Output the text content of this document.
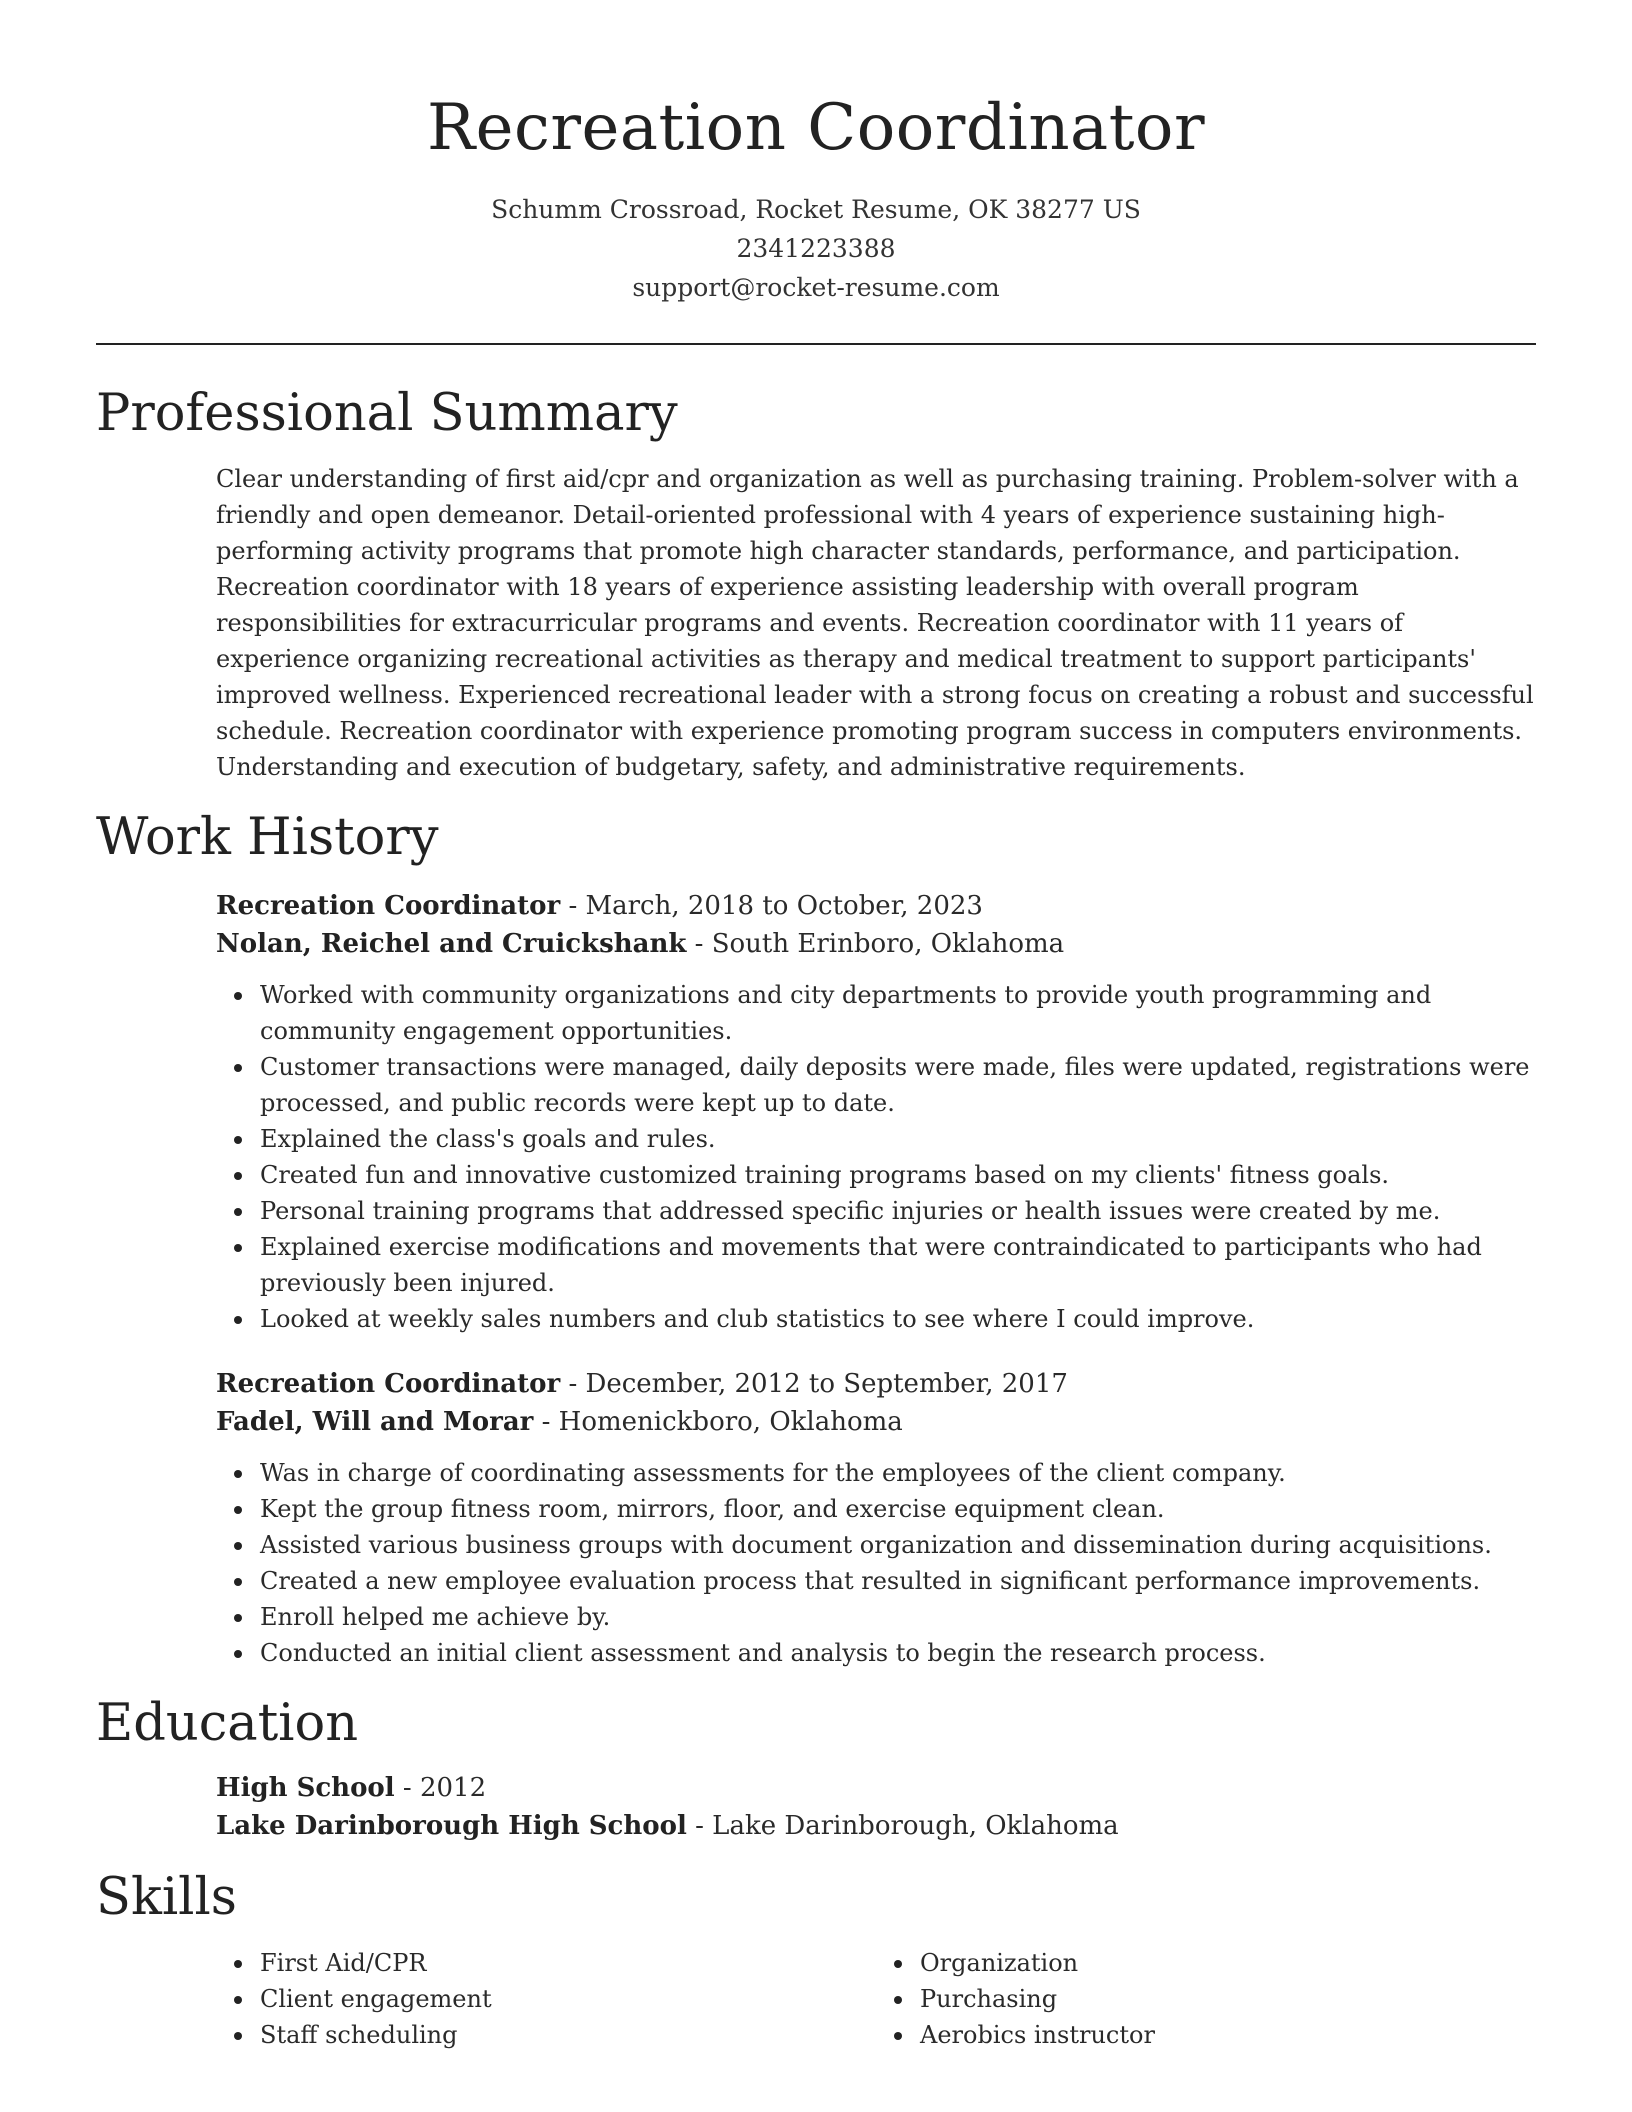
Recreation Coordinator
Schumm Crossroad, Rocket Resume, OK 38277 US
2341223388
support@rocket-resume.com
Professional Summary
Clear understanding of first aid/cpr and organization as well as purchasing training. Problem-solver with a friendly and open demeanor. Detail-oriented professional with 4 years of experience sustaining high-performing activity programs that promote high character standards, performance, and participation. Recreation coordinator with 18 years of experience assisting leadership with overall program responsibilities for extracurricular programs and events. Recreation coordinator with 11 years of experience organizing recreational activities as therapy and medical treatment to support participants' improved wellness. Experienced recreational leader with a strong focus on creating a robust and successful schedule. Recreation coordinator with experience promoting program success in computers environments. Understanding and execution of budgetary, safety, and administrative requirements.
Work History
Recreation Coordinator - March, 2018 to October, 2023
Nolan, Reichel and Cruickshank - South Erinboro, Oklahoma
Worked with community organizations and city departments to provide youth programming and community engagement opportunities.
Customer transactions were managed, daily deposits were made, files were updated, registrations were processed, and public records were kept up to date.
Explained the class's goals and rules.
Created fun and innovative customized training programs based on my clients' fitness goals.
Personal training programs that addressed specific injuries or health issues were created by me.
Explained exercise modifications and movements that were contraindicated to participants who had previously been injured.
Looked at weekly sales numbers and club statistics to see where I could improve.
Recreation Coordinator - December, 2012 to September, 2017
Fadel, Will and Morar - Homenickboro, Oklahoma
Was in charge of coordinating assessments for the employees of the client company.
Kept the group fitness room, mirrors, floor, and exercise equipment clean.
Assisted various business groups with document organization and dissemination during acquisitions.
Created a new employee evaluation process that resulted in significant performance improvements.
Enroll helped me achieve by.
Conducted an initial client assessment and analysis to begin the research process.
Education
High School - 2012
Lake Darinborough High School - Lake Darinborough, Oklahoma
Skills
First Aid/CPR
Client engagement
Staff scheduling
Organization
Purchasing
Aerobics instructor
